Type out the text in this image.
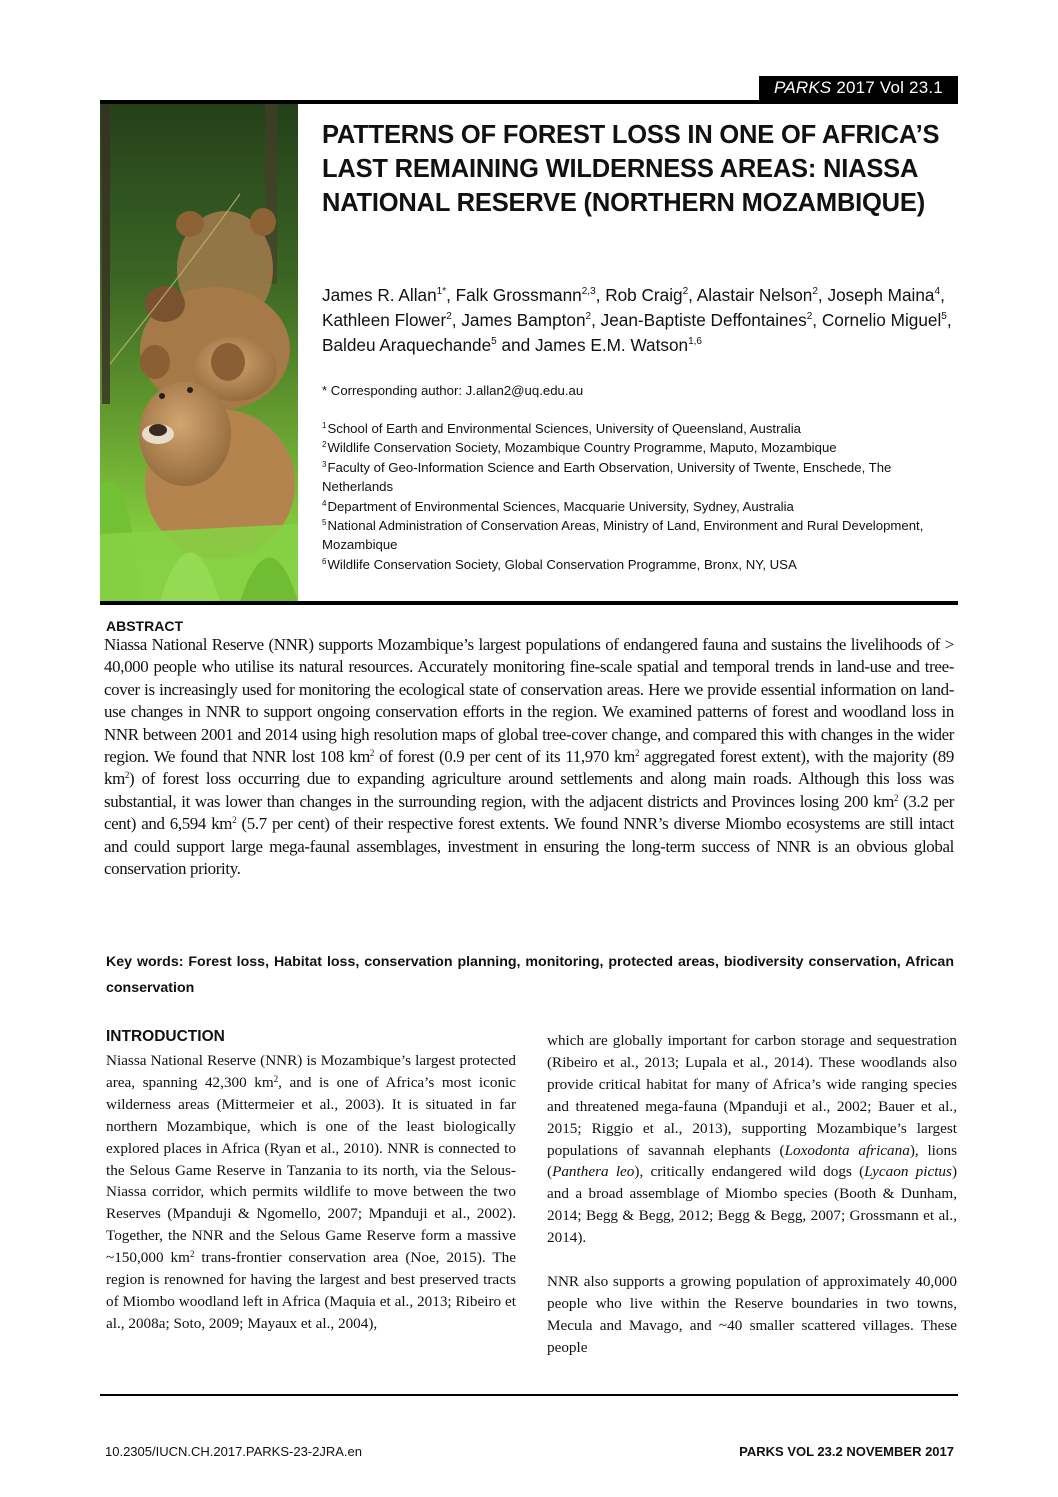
PARKS 2017 Vol 23.1
PATTERNS OF FOREST LOSS IN ONE OF AFRICA’S LAST REMAINING WILDERNESS AREAS: NIASSA NATIONAL RESERVE (NORTHERN MOZAMBIQUE)
James R. Allan$^{1*}$, Falk Grossmann$^{2,3}$, Rob Craig$^2$, Alastair Nelson$^2$, Joseph Maina$^4$, Kathleen Flower$^2$, James Bampton$^2$, Jean-Baptiste Deffontaines$^2$, Cornelio Miguel$^5$, Baldeu Araquechande$^5$ and James E.M. Watson$^{1,6}$
* Corresponding author: J.allan2@uq.edu.au
$^1$School of Earth and Environmental Sciences, University of Queensland, Australia
$^2$Wildlife Conservation Society, Mozambique Country Programme, Maputo, Mozambique
$^3$Faculty of Geo-Information Science and Earth Observation, University of Twente, Enschede, The Netherlands
$^4$Department of Environmental Sciences, Macquarie University, Sydney, Australia
$^5$National Administration of Conservation Areas, Ministry of Land, Environment and Rural Development, Mozambique
$^6$Wildlife Conservation Society, Global Conservation Programme, Bronx, NY, USA
ABSTRACT
Niassa National Reserve (NNR) supports Mozambique’s largest populations of endangered fauna and sustains the livelihoods of > 40,000 people who utilise its natural resources. Accurately monitoring fine-scale spatial and temporal trends in land-use and tree-cover is increasingly used for monitoring the ecological state of conservation areas. Here we provide essential information on land-use changes in NNR to support ongoing conservation efforts in the region. We examined patterns of forest and woodland loss in NNR between 2001 and 2014 using high resolution maps of global tree-cover change, and compared this with changes in the wider region. We found that NNR lost 108 $km^2$ of forest (0.9 per cent of its 11,970 $km^2$ aggregated forest extent), with the majority (89 $km^2$) of forest loss occurring due to expanding agriculture around settlements and along main roads. Although this loss was substantial, it was lower than changes in the surrounding region, with the adjacent districts and Provinces losing 200 $km^2$ (3.2 per cent) and 6,594 $km^2$ (5.7 per cent) of their respective forest extents. We found NNR’s diverse Miombo ecosystems are still intact and could support large mega-faunal assemblages, investment in ensuring the long-term success of NNR is an obvious global conservation priority.
Key words: Forest loss, Habitat loss, conservation planning, monitoring, protected areas, biodiversity conservation, African conservation
INTRODUCTION

Niassa National Reserve (NNR) is Mozambique’s largest protected area, spanning 42,300 $km^2$, and is one of Africa’s most iconic wilderness areas (Mittermeier et al., 2003). It is situated in far northern Mozambique, which is one of the least biologically explored places in Africa (Ryan et al., 2010). NNR is connected to the Selous Game Reserve in Tanzania to its north, via the Selous-Niassa corridor, which permits wildlife to move between the two Reserves (Mpanduji & Ngomello, 2007; Mpanduji et al., 2002). Together, the NNR and the Selous Game Reserve form a massive ~150,000 $km^2$ trans-frontier conservation area (Noe, 2015). The region is renowned for having the largest and best preserved tracts of Miombo woodland left in Africa (Maquia et al., 2013; Ribeiro et al., 2008a; Soto, 2009; Mayaux et al., 2004),

which are globally important for carbon storage and sequestration (Ribeiro et al., 2013; Lupala et al., 2014). These woodlands also provide critical habitat for many of Africa’s wide ranging species and threatened mega-fauna (Mpanduji et al., 2002; Bauer et al., 2015; Riggio et al., 2013), supporting Mozambique’s largest populations of savannah elephants (Loxodonta africana), lions (Panthera leo), critically endangered wild dogs (Lycaon pictus) and a broad assemblage of Miombo species (Booth & Dunham, 2014; Begg & Begg, 2012; Begg & Begg, 2007; Grossmann et al., 2014).

NNR also supports a growing population of approximately 40,000 people who live within the Reserve boundaries in two towns, Mecula and Mavago, and ~40 smaller scattered villages. These people

10.2305/IUCN.CH.2017.PARKS-23-2JRA.en	PARKS VOL 23.2 NOVEMBER 2017
